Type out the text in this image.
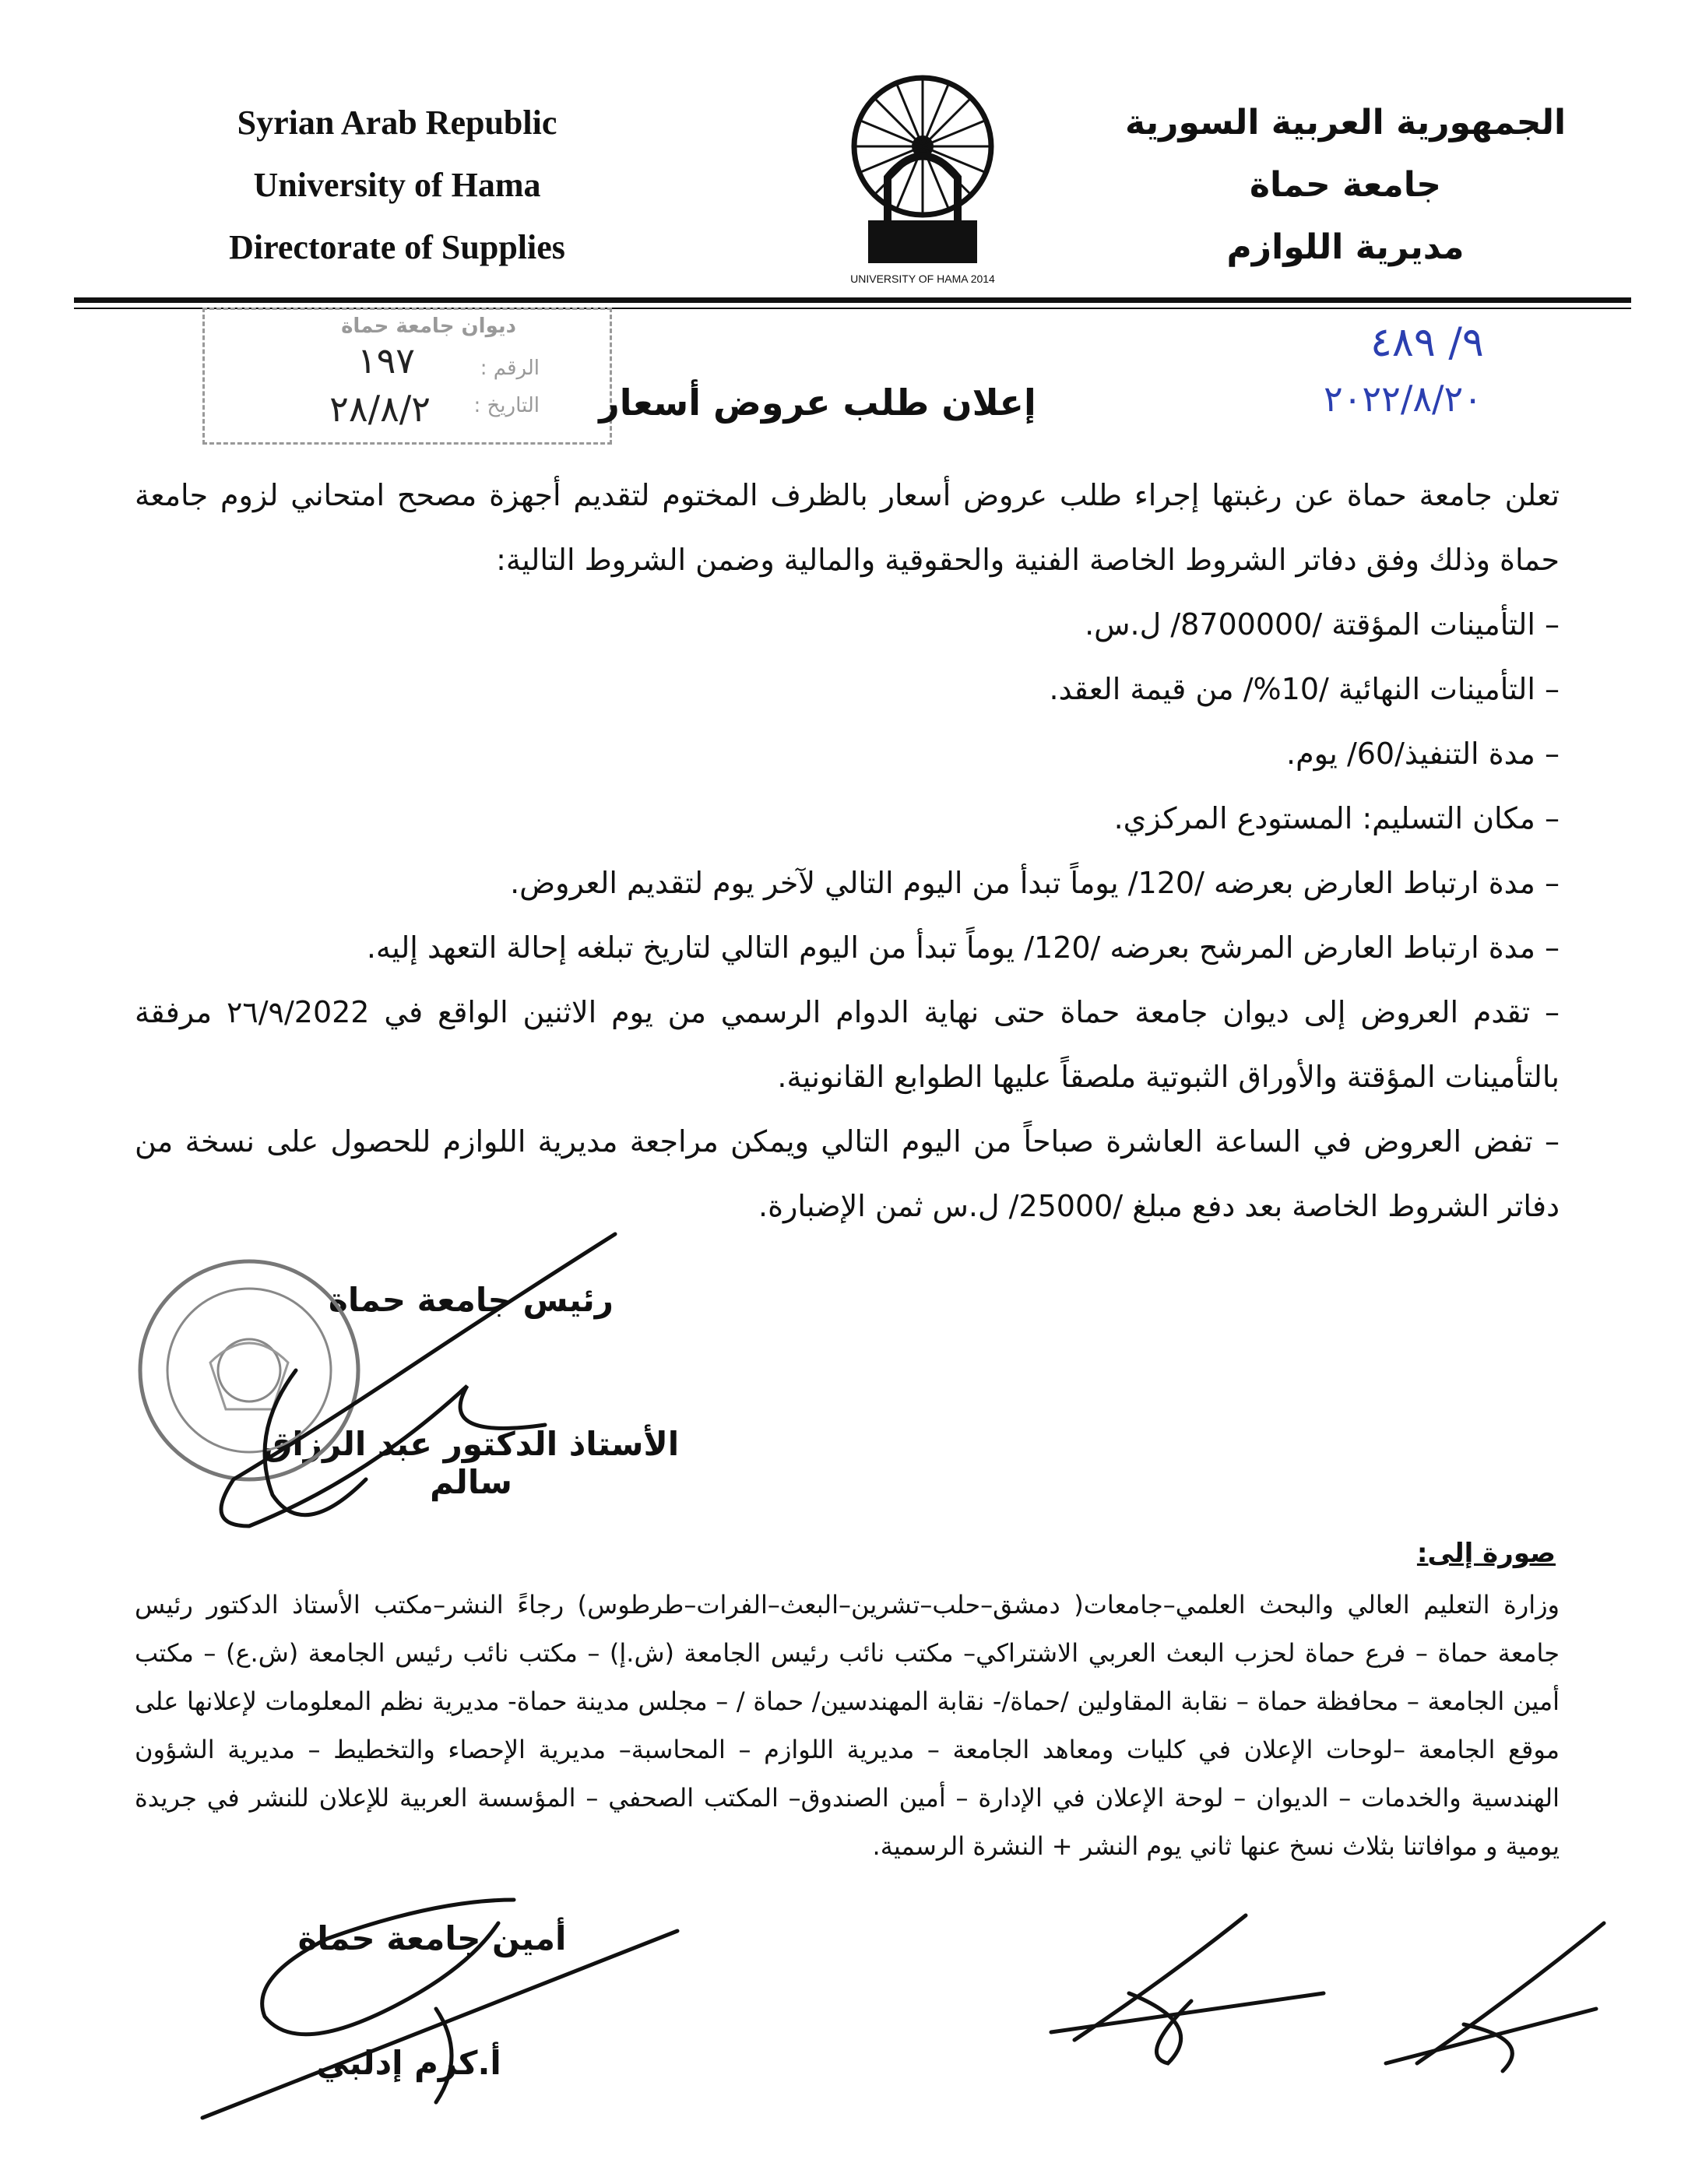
Syrian Arab Republic
University of Hama
Directorate of Supplies
الجمهورية العربية السورية
جامعة حماة
مديرية اللوازم
UNIVERSITY OF HAMA 2014
ديوان جامعة حماة
الرقم :
التاريخ :
١٩٧
٢٨/٨/٢
٩/ ٤٨٩
٢٠٢٢/٨/٢٠
إعلان طلب عروض أسعار

تعلن جامعة حماة عن رغبتها إجراء طلب عروض أسعار بالظرف المختوم لتقديم أجهزة مصحح امتحاني لزوم جامعة حماة وذلك وفق دفاتر الشروط الخاصة الفنية والحقوقية والمالية وضمن الشروط التالية:

– التأمينات المؤقتة /8700000/ ل.س.

– التأمينات النهائية /10%/ من قيمة العقد.

– مدة التنفيذ/60/ يوم.

– مكان التسليم: المستودع المركزي.

– مدة ارتباط العارض بعرضه /120/ يوماً تبدأ من اليوم التالي لآخر يوم لتقديم العروض.

– مدة ارتباط العارض المرشح بعرضه /120/ يوماً تبدأ من اليوم التالي لتاريخ تبلغه إحالة التعهد إليه.

– تقدم العروض إلى ديوان جامعة حماة حتى نهاية الدوام الرسمي من يوم الاثنين الواقع في ٢٦/٩/2022 مرفقة بالتأمينات المؤقتة والأوراق الثبوتية ملصقاً عليها الطوابع القانونية.

– تفض العروض في الساعة العاشرة صباحاً من اليوم التالي ويمكن مراجعة مديرية اللوازم للحصول على نسخة من دفاتر الشروط الخاصة بعد دفع مبلغ /25000/ ل.س ثمن الإضبارة.

رئيس جامعة حماة
الأستاذ الدكتور عبد الرزاق سالم
صورة إلى:
وزارة التعليم العالي والبحث العلمي–جامعات( دمشق–حلب–تشرين–البعث–الفرات–طرطوس) رجاءً النشر–مكتب الأستاذ الدكتور رئيس جامعة حماة – فرع حماة لحزب البعث العربي الاشتراكي– مكتب نائب رئيس الجامعة (ش.إ) – مكتب نائب رئيس الجامعة (ش.ع) – مكتب أمين الجامعة – محافظة حماة – نقابة المقاولين /حماة/- نقابة المهندسين/ حماة / – مجلس مدينة حماة- مديرية نظم المعلومات لإعلانها على موقع الجامعة –لوحات الإعلان في كليات ومعاهد الجامعة – مديرية اللوازم – المحاسبة– مديرية الإحصاء والتخطيط – مديرية الشؤون الهندسية والخدمات – الديوان – لوحة الإعلان في الإدارة – أمين الصندوق– المكتب الصحفي – المؤسسة العربية للإعلان للنشر في جريدة يومية و موافاتنا بثلاث نسخ عنها ثاني يوم النشر + النشرة الرسمية.
أمين جامعة حماة
أ.كرم إدلبي
